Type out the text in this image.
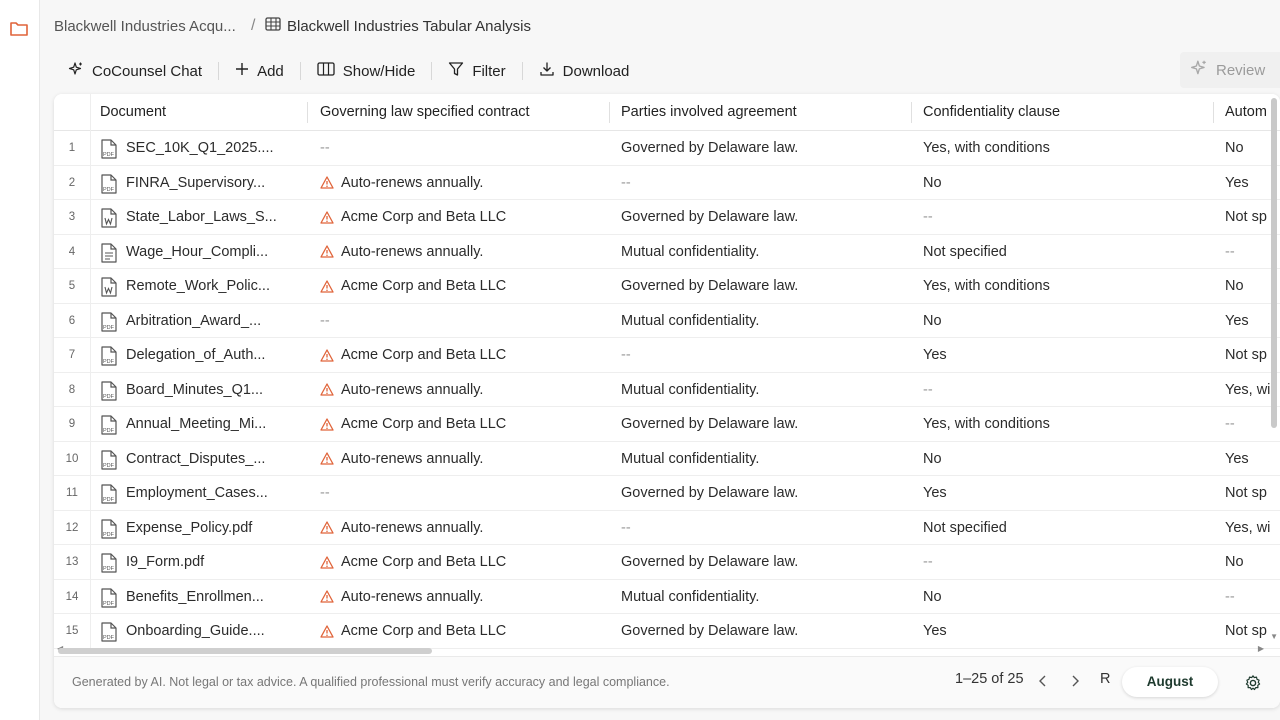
Blackwell Industries Acqu... / Blackwell Industries Tabular Analysis
CoCounsel Chat	Add	Show/Hide	Filter	Download	Review
Document	Governing law specified contract	Parties involved agreement	Confidentiality clause	Autom
1
PDF SEC_10K_Q1_2025....	--	Governed by Delaware law.	Yes, with conditions	No
2
PDF FINRA_Supervisory...	Auto-renews annually.	--	No	Yes
3	State_Labor_Laws_S...	Acme Corp and Beta LLC	Governed by Delaware law.	--	Not sp
4	Wage_Hour_Compli...	Auto-renews annually.	Mutual confidentiality.	Not specified	--
5	Remote_Work_Polic...	Acme Corp and Beta LLC	Governed by Delaware law.	Yes, with conditions	No
6
PDF Arbitration_Award_...	--	Mutual confidentiality.	No	Yes
7
PDF Delegation_of_Auth...	Acme Corp and Beta LLC	--	Yes	Not sp
8
PDF Board_Minutes_Q1...	Auto-renews annually.	Mutual confidentiality.	--	Yes, wi
9
PDF Annual_Meeting_Mi...	Acme Corp and Beta LLC	Governed by Delaware law.	Yes, with conditions	--
10
PDF Contract_Disputes_...	Auto-renews annually.	Mutual confidentiality.	No	Yes
11
PDF Employment_Cases...	--	Governed by Delaware law.	Yes	Not sp
12
PDF Expense_Policy.pdf	Auto-renews annually.	--	Not specified	Yes, wi
13
PDF I9_Form.pdf	Acme Corp and Beta LLC	Governed by Delaware law.	--	No
14
PDF Benefits_Enrollmen...	Auto-renews annually.	Mutual confidentiality.	No	--
15
PDF Onboarding_Guide....	Acme Corp and Beta LLC	Governed by Delaware law.	Yes	Not sp ▼
▶
Generated by AI. Not legal or tax advice. A qualified professional must verify accuracy and legal compliance.	1–25 of 25	R	August
